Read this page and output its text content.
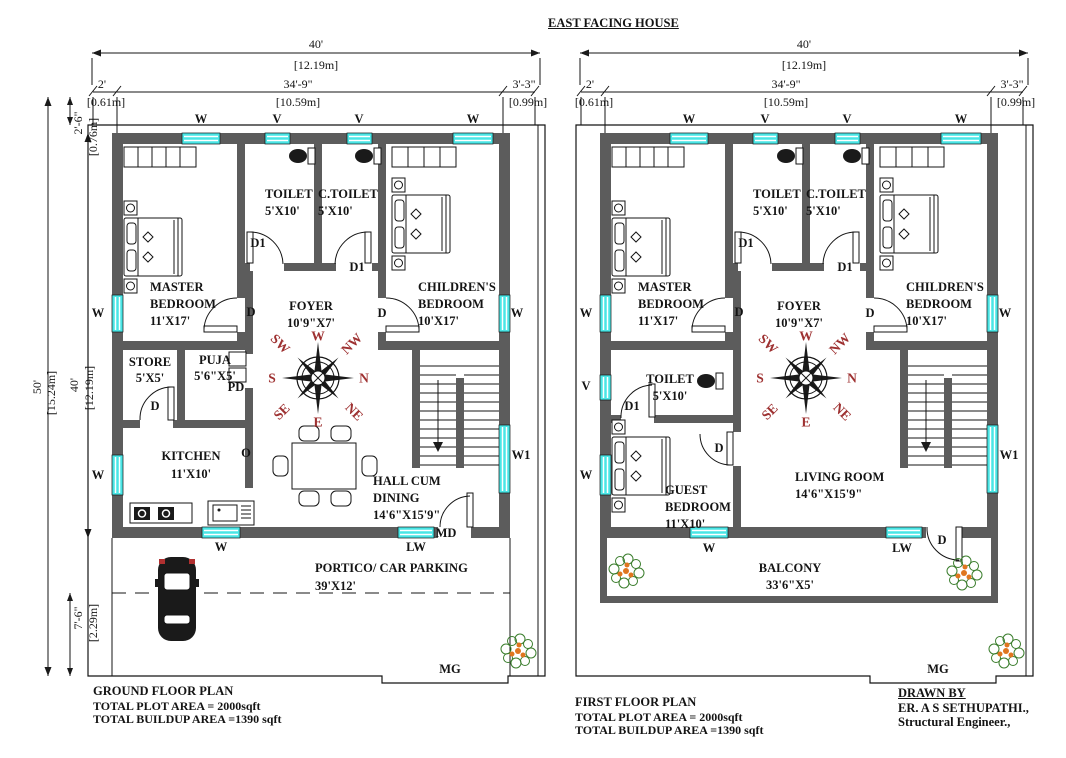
EAST FACING HOUSE
40'
[12.19m]
2'
[0.61m]
34'-9"
[10.59m]
3'-3"
[0.99m]
2'-6" [0.76m]
50' [15.24m] 40' [12.19m]
7'-6" [2.29m]
W	V	V	W
W
W
W
W1
W	LW
MD
D1
D1
D	D
D
PD
O
MG
W
N
E
S
NW
NE
SE
SW
MASTER
BEDROOM
11'X17'
TOILET
5'X10'
C.TOILET
5'X10'
CHILDREN'S
BEDROOM
10'X17'
FOYER
10'9"X7'
STORE
5'X5'
PUJA
5'6"X5'
KITCHEN
11'X10'
HALL CUM
DINING
14'6"X15'9"
PORTICO/ CAR PARKING
39'X12'
40'
[12.19m]
2'
[0.61m]
34'-9"
[10.59m]
3'-3"
[0.99m]
W	V	V	W
W
V
W
W
W1
W	LW
D
D1
D1
D	D
D1
D
MG
W
N
E
S
NW
NE
SE
SW
MASTER
BEDROOM
11'X17'
TOILET
5'X10'
C.TOILET
5'X10'
CHILDREN'S
BEDROOM
10'X17'
FOYER
10'9"X7'
TOILET
5'X10'
GUEST
BEDROOM
11'X10'
LIVING ROOM
14'6"X15'9"
BALCONY
33'6"X5'
GROUND FLOOR PLAN
TOTAL PLOT AREA = 2000sqft
TOTAL BUILDUP AREA =1390 sqft
FIRST FLOOR PLAN
TOTAL PLOT AREA = 2000sqft
TOTAL BUILDUP AREA =1390 sqft
DRAWN BY
ER. A S SETHUPATHI.,
Structural Engineer.,
